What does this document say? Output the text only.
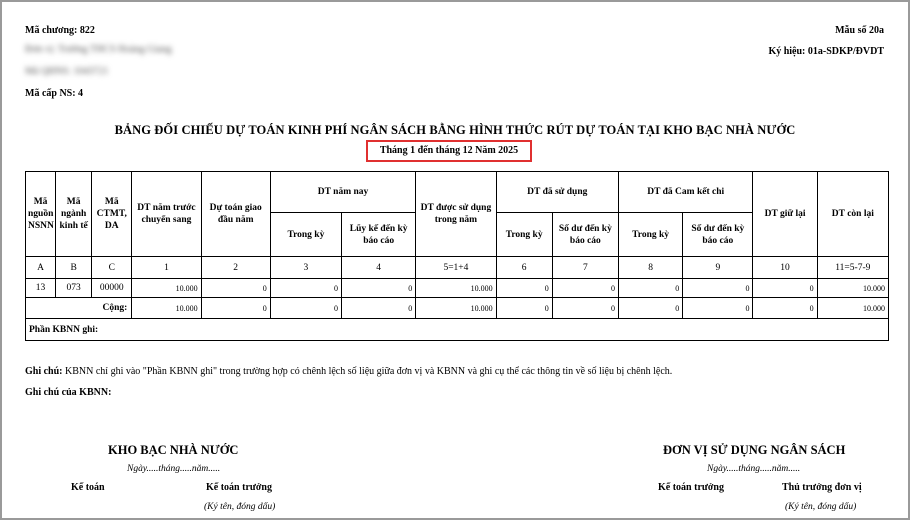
Mã chương: 822
Đơn vị: Trường THCS Hoàng Giang
Mã QHNS: 1043721
Mã cấp NS: 4
Mẫu số 20a
Ký hiệu: 01a-SDKP/ĐVDT
BẢNG ĐỐI CHIẾU DỰ TOÁN KINH PHÍ NGÂN SÁCH BẰNG HÌNH THỨC RÚT DỰ TOÁN TẠI KHO BẠC NHÀ NƯỚC
Tháng 1 đến tháng 12 Năm 2025
Mã nguồn NSNN	Mã ngành kinh tế	Mã CTMT, DA	DT năm trước chuyển sang	Dự toán giao đầu năm	DT năm nay		DT được sử dụng trong năm	DT đã sử dụng		DT đã Cam kết chi		DT giữ lại	DT còn lại
					Trong kỳ	Lũy kế đến kỳ báo cáo		Trong kỳ	Số dư đến kỳ báo cáo	Trong kỳ	Số dư đến kỳ báo cáo		
A	B	C	1	2	3	4	5=1+4	6	7	8	9	10	11=5-7-9
13	073	00000	10.000	0	0	0	10.000	0	0	0	0	0	10.000
Cộng:			10.000	0	0	0	10.000	0	0	0	0	0	10.000
Phần KBNN ghi:													
Ghi chú: KBNN chỉ ghi vào "Phần KBNN ghi" trong trường hợp có chênh lệch số liệu giữa đơn vị và KBNN và ghi cụ thể các thông tin về số liệu bị chênh lệch.
Ghi chú của KBNN:
KHO BẠC NHÀ NƯỚC
Ngày.....tháng.....năm.....
Kế toán	Kế toán trưởng
(Ký tên, đóng dấu)
ĐƠN VỊ SỬ DỤNG NGÂN SÁCH
Ngày.....tháng.....năm.....
Kế toán trưởng	Thủ trưởng đơn vị
(Ký tên, đóng dấu)
